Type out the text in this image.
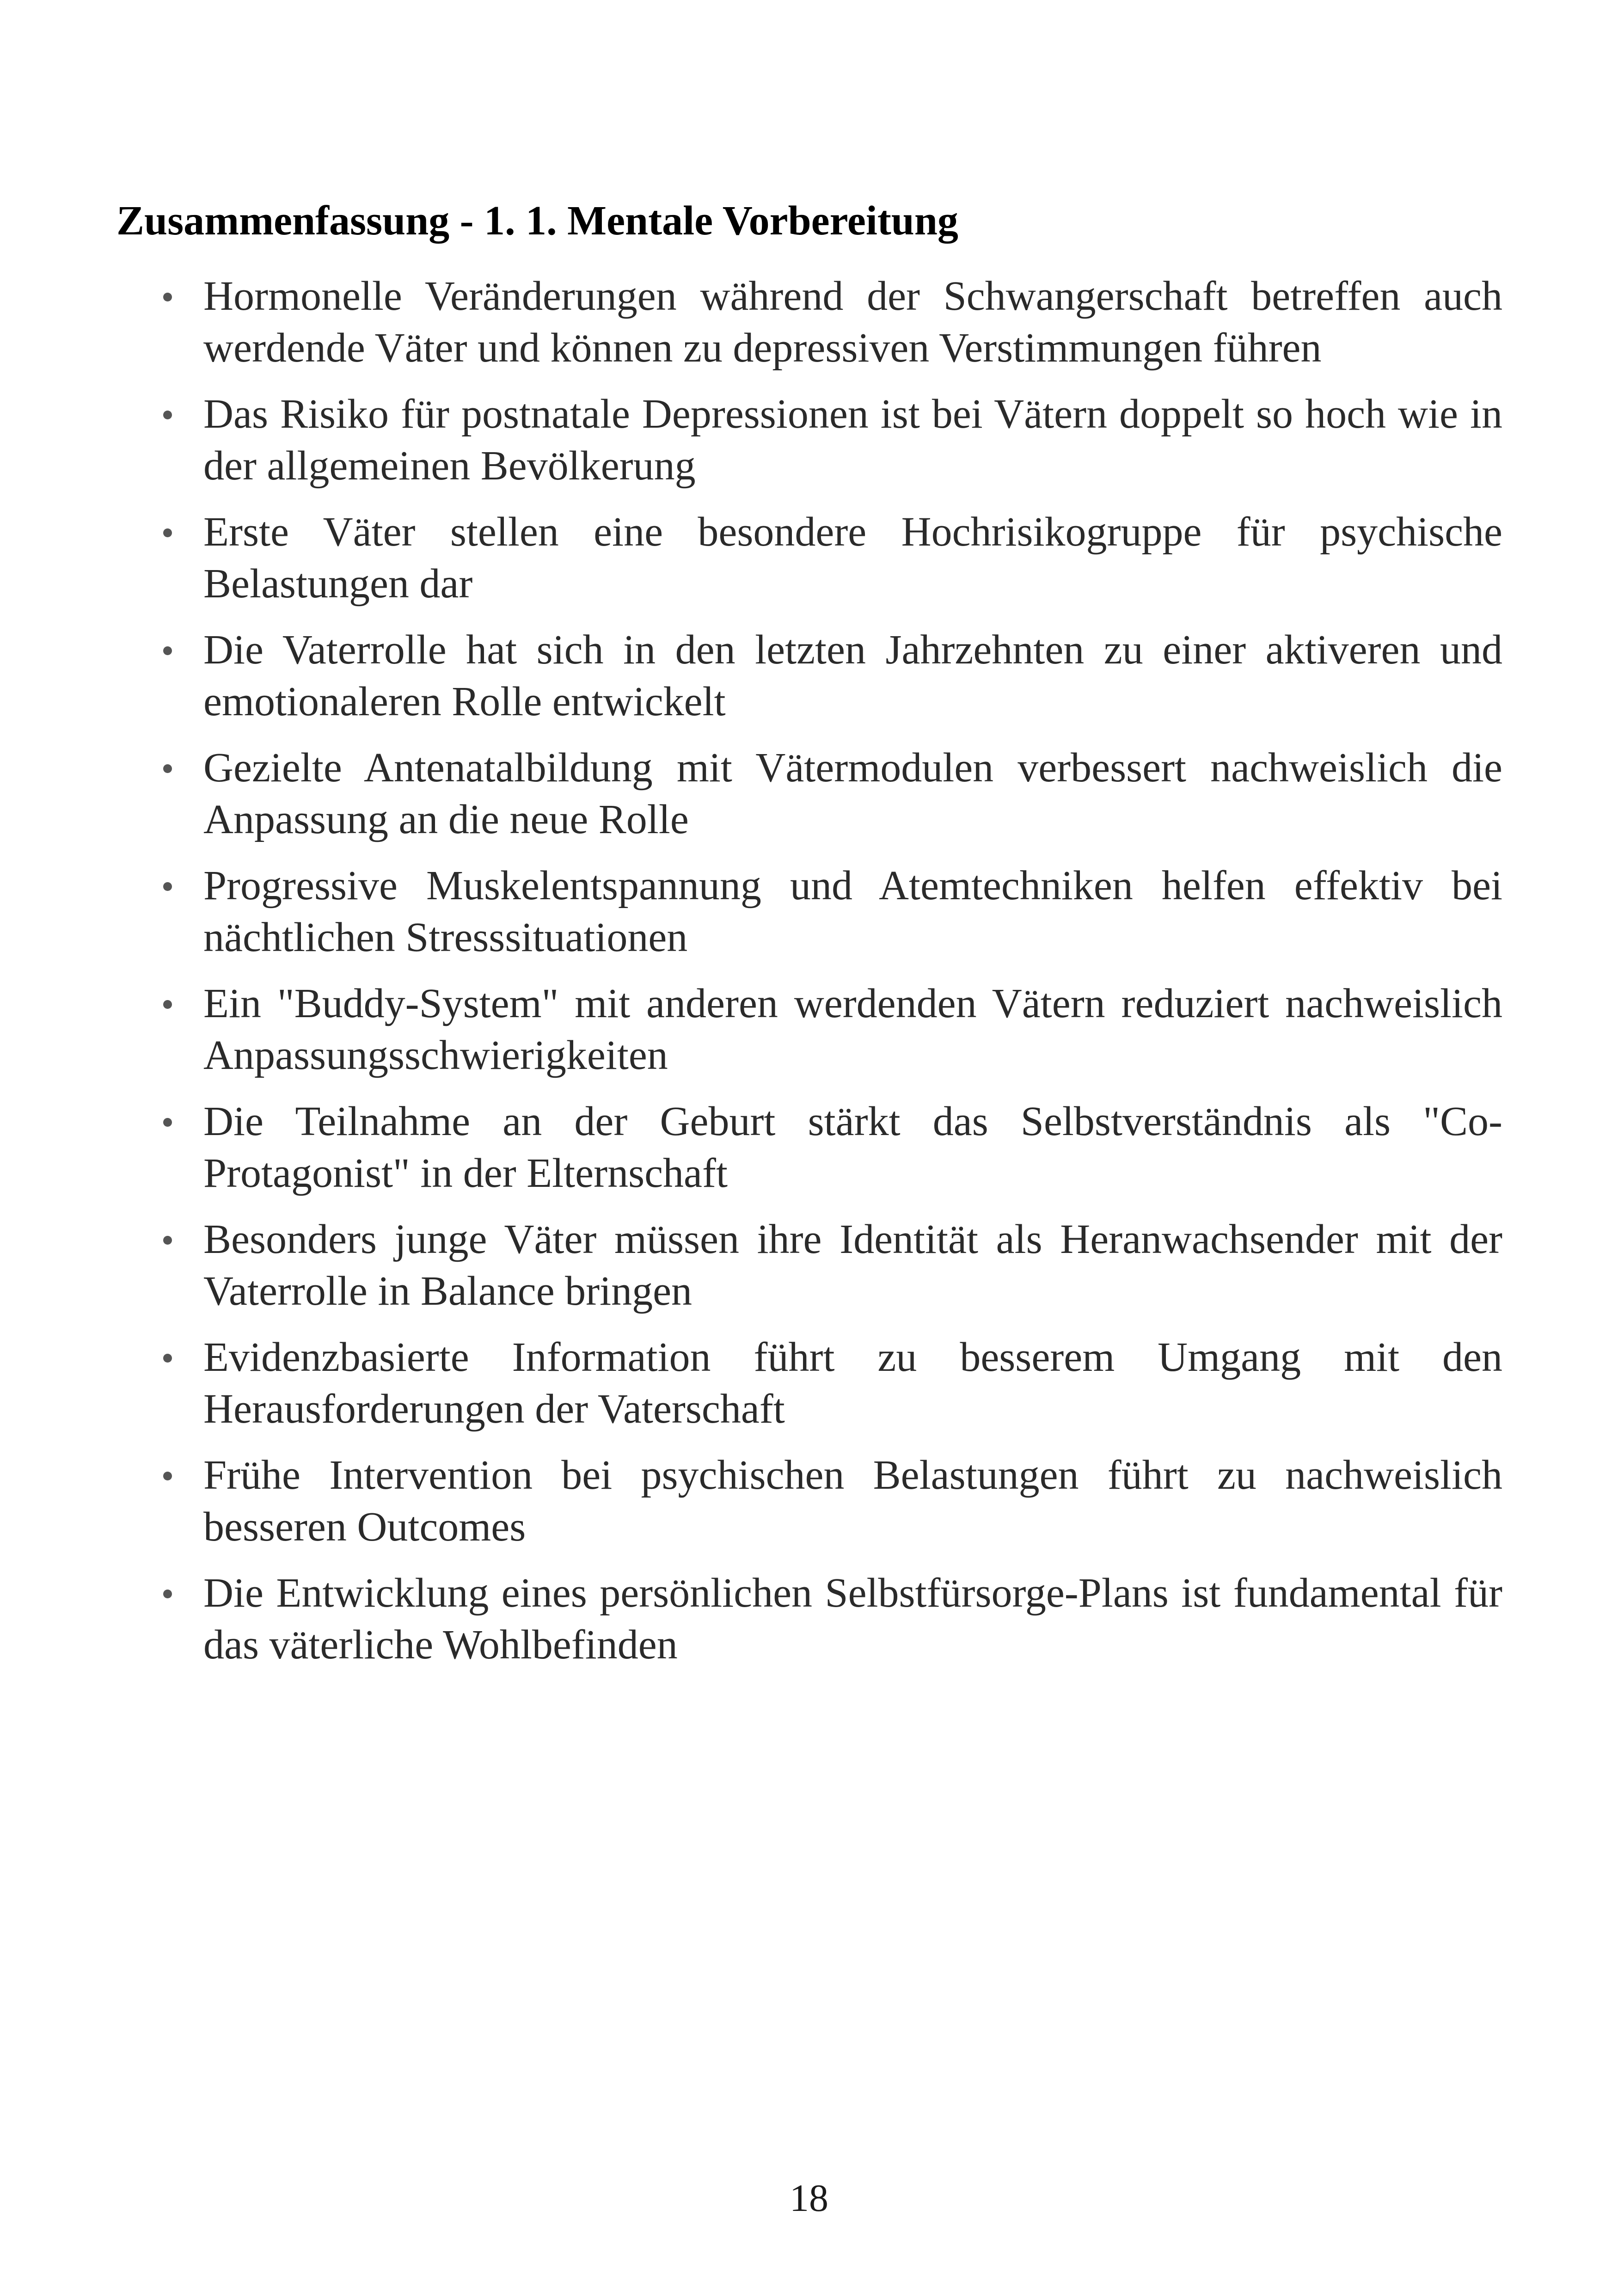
Zusammenfassung - 1. 1. Mentale Vorbereitung
Hormonelle Veränderungen während der Schwangerschaft betreffen auch werdende Väter und können zu depressiven Verstimmungen führen
Das Risiko für postnatale Depressionen ist bei Vätern doppelt so hoch wie in der allgemeinen Bevölkerung
Erste Väter stellen eine besondere Hochrisikogruppe für psychische Belastungen dar
Die Vaterrolle hat sich in den letzten Jahrzehnten zu einer aktiveren und emotionaleren Rolle entwickelt
Gezielte Antenatalbildung mit Vätermodulen verbessert nachweislich die Anpassung an die neue Rolle
Progressive Muskelentspannung und Atemtechniken helfen effektiv bei nächtlichen Stresssituationen
Ein "Buddy-System" mit anderen werdenden Vätern reduziert nachweislich Anpassungsschwierigkeiten
Die Teilnahme an der Geburt stärkt das Selbstverständnis als "Co-Protagonist" in der Elternschaft
Besonders junge Väter müssen ihre Identität als Heranwachsender mit der Vaterrolle in Balance bringen
Evidenzbasierte Information führt zu besserem Umgang mit den Herausforderungen der Vaterschaft
Frühe Intervention bei psychischen Belastungen führt zu nachweislich besseren Outcomes
Die Entwicklung eines persönlichen Selbstfürsorge-Plans ist fundamental für das väterliche Wohlbefinden
18
